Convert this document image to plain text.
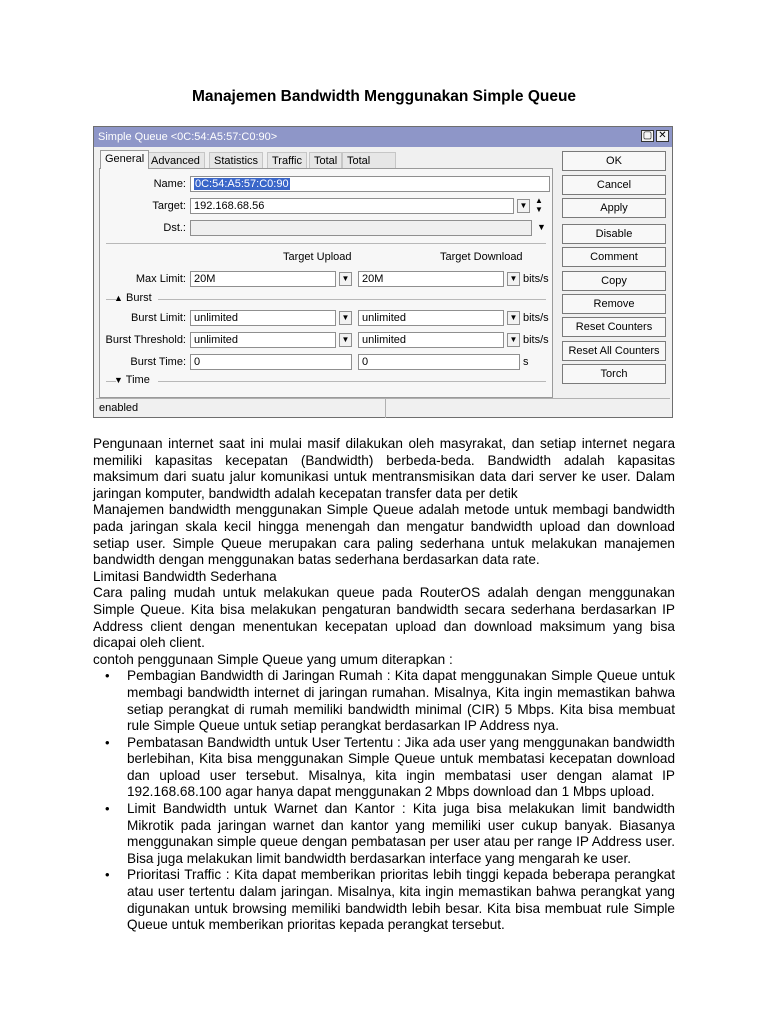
Manajemen Bandwidth Menggunakan Simple Queue
Simple Queue <0C:54:A5:57:C0:90>	▢ ✕
General Advanced	Statistics	Traffic	Total Total
Name: 0C:54:A5:57:C0:90
Target: 192.168.68.56	▼
▲
▼
Dst.:	▼
Target Upload	Target Download
Max Limit: 20M	▼	20M	▼ bits/s
▲ Burst
Burst Limit: unlimited	▼	unlimited	▼ bits/s
Burst Threshold: unlimited	▼	unlimited	▼ bits/s
Burst Time: 0	0	s
▼ Time
OK
Cancel
Apply
Disable
Comment
Copy
Remove
Reset Counters
Reset All Counters
Torch
enabled

Pengunaan internet saat ini mulai masif dilakukan oleh masyrakat, dan setiap internet negara memiliki kapasitas kecepatan (Bandwidth) berbeda-beda. Bandwidth adalah kapasitas maksimum dari suatu jalur komunikasi untuk mentransmisikan data dari server ke user. Dalam jaringan komputer, bandwidth adalah kecepatan transfer data per detik

Manajemen bandwidth menggunakan Simple Queue adalah metode untuk membagi bandwidth pada jaringan skala kecil hingga menengah dan mengatur bandwidth upload dan download setiap user. Simple Queue merupakan cara paling sederhana untuk melakukan manajemen bandwidth dengan menggunakan batas sederhana berdasarkan data rate.

Limitasi Bandwidth Sederhana

Cara paling mudah untuk melakukan queue pada RouterOS adalah dengan menggunakan Simple Queue. Kita bisa melakukan pengaturan bandwidth secara sederhana berdasarkan IP Address client dengan menentukan kecepatan upload dan download maksimum yang bisa dicapai oleh client.

contoh penggunaan Simple Queue yang umum diterapkan :

• Pembagian Bandwidth di Jaringan Rumah : Kita dapat menggunakan Simple Queue untuk membagi bandwidth internet di jaringan rumahan. Misalnya, Kita ingin memastikan bahwa setiap perangkat di rumah memiliki bandwidth minimal (CIR) 5 Mbps. Kita bisa membuat rule Simple Queue untuk setiap perangkat berdasarkan IP Address nya.
• Pembatasan Bandwidth untuk User Tertentu : Jika ada user yang menggunakan bandwidth berlebihan, Kita bisa menggunakan Simple Queue untuk membatasi kecepatan download dan upload user tersebut. Misalnya, kita ingin membatasi user dengan alamat IP 192.168.68.100 agar hanya dapat menggunakan 2 Mbps download dan 1 Mbps upload.
• Limit Bandwidth untuk Warnet dan Kantor : Kita juga bisa melakukan limit bandwidth Mikrotik pada jaringan warnet dan kantor yang memiliki user cukup banyak. Biasanya menggunakan simple queue dengan pembatasan per user atau per range IP Address user. Bisa juga melakukan limit bandwidth berdasarkan interface yang mengarah ke user.
• Prioritasi Traffic : Kita dapat memberikan prioritas lebih tinggi kepada beberapa perangkat atau user tertentu dalam jaringan. Misalnya, kita ingin memastikan bahwa perangkat yang digunakan untuk browsing memiliki bandwidth lebih besar. Kita bisa membuat rule Simple Queue untuk memberikan prioritas kepada perangkat tersebut.
